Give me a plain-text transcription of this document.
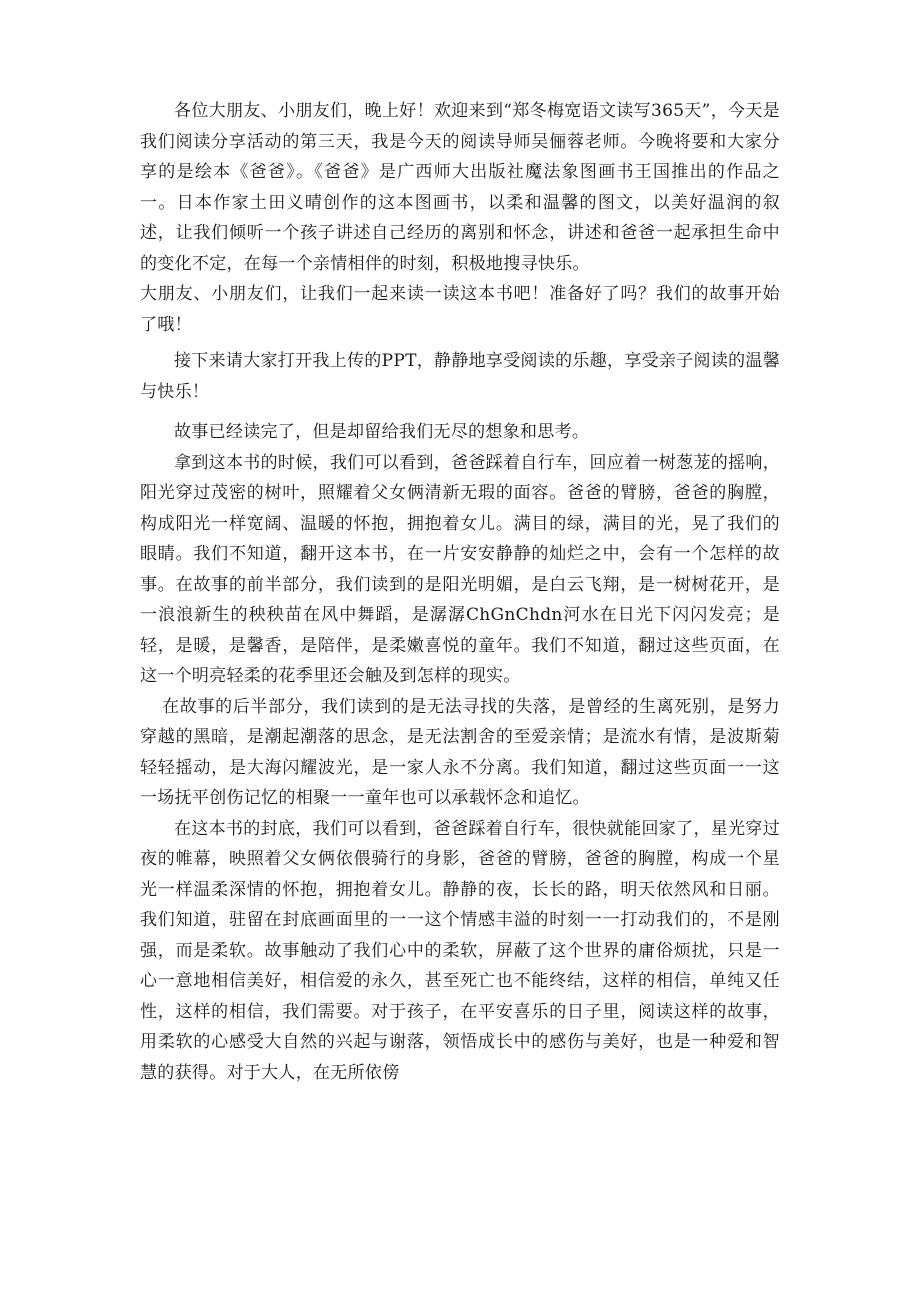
各位大朋友、小朋友们，晚上好！欢迎来到“郑冬梅宽语文读写365天”，今天是我们阅读分享活动的第三天，我是今天的阅读导师吴俪蓉老师。今晚将要和大家分享的是绘本《爸爸》。《爸爸》是广西师大出版社魔法象图画书王国推出的作品之一。日本作家土田义晴创作的这本图画书，以柔和温馨的图文，以美好温润的叙述，让我们倾听一个孩子讲述自己经历的离别和怀念，讲述和爸爸一起承担生命中的变化不定，在每一个亲情相伴的时刻，积极地搜寻快乐。

大朋友、小朋友们，让我们一起来读一读这本书吧！准备好了吗？我们的故事开始了哦！

接下来请大家打开我上传的PPT，静静地享受阅读的乐趣，享受亲子阅读的温馨与快乐！

故事已经读完了，但是却留给我们无尽的想象和思考。

拿到这本书的时候，我们可以看到，爸爸踩着自行车，回应着一树葱茏的摇响，阳光穿过茂密的树叶，照耀着父女俩清新无瑕的面容。爸爸的臂膀，爸爸的胸膛，构成阳光一样宽阔、温暖的怀抱，拥抱着女儿。满目的绿，满目的光，晃了我们的眼睛。我们不知道，翻开这本书，在一片安安静静的灿烂之中，会有一个怎样的故事。在故事的前半部分，我们读到的是阳光明媚，是白云飞翔，是一树树花开，是一浪浪新生的秧秧苗在风中舞蹈，是潺潺ChGnChdn河水在日光下闪闪发亮；是轻，是暖，是馨香，是陪伴，是柔嫩喜悦的童年。我们不知道，翻过这些页面，在这一个明亮轻柔的花季里还会触及到怎样的现实。

在故事的后半部分，我们读到的是无法寻找的失落，是曾经的生离死别，是努力穿越的黑暗，是潮起潮落的思念，是无法割舍的至爱亲情；是流水有情，是波斯菊轻轻摇动，是大海闪耀波光，是一家人永不分离。我们知道，翻过这些页面一一这一场抚平创伤记忆的相聚一一童年也可以承载怀念和追忆。

在这本书的封底，我们可以看到，爸爸踩着自行车，很快就能回家了，星光穿过夜的帷幕，映照着父女俩依偎骑行的身影，爸爸的臂膀，爸爸的胸膛，构成一个星光一样温柔深情的怀抱，拥抱着女儿。静静的夜，长长的路，明天依然风和日丽。我们知道，驻留在封底画面里的一一这个情感丰溢的时刻一一打动我们的，不是刚强，而是柔软。故事触动了我们心中的柔软，屏蔽了这个世界的庸俗烦扰，只是一心一意地相信美好，相信爱的永久，甚至死亡也不能终结，这样的相信，单纯又任性，这样的相信，我们需要。对于孩子，在平安喜乐的日子里，阅读这样的故事，用柔软的心感受大自然的兴起与谢落，领悟成长中的感伤与美好，也是一种爱和智慧的获得。对于大人，在无所依傍
